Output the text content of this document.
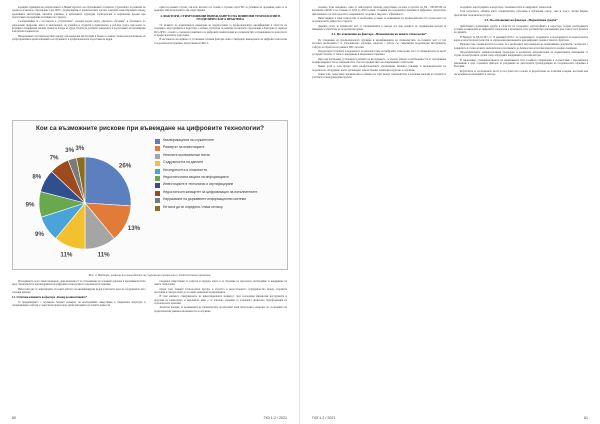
водещите принципи на разработването е Министерството на образованието и науката. Стратегията за развитие на средното и висшето образование след 2020 г., формулирани от компетентните органи, очертават съществуващите между държавните институции, висшите училища и публичните структури хоризонтални и вертикални връзки при подготовката на кадровия потенциал на страната.

Съобразявайки се с посоченото в „Стратегията“, основен акцент върху „Дуалното обучение“, в обучението по определени професии, както и включването на ученици и студенти в практическа и работна среда, при които се формират специфични умения, нужни за пазара на труда. Ролята на учебните заведения е в подготовката на мотивирани и мобилни специалисти.

Насърчаването на партньорството между образователни институции и бизнеса е важна стъпка към реализиране на добри практики в дигитализацията на обучението и професионалната подготовка на кадри.

едни посочените случаи, тъй като неговото по голямо е отразено при ГИС за добиване на държавни, както и за възможно най-пълноценното им съществуване.

4. ФАКТОРИ, СТИМУЛИРАЩИ ВЪВЕЖДАНЕТО НА ЦИФРОВИ ТЕХНОЛОГИИ В ГЕОДЕЗИЧЕСКАТА ПРАКТИКА

От момента на нормативното въвеждане на предпоставки за професионалната квалификация в областта на геодезията, картографията и кадастъра, е налице Стратегия за развитие на висшето образование в България за периода 2021-2030 г., в която е заложено развитието на цифровите компетенции на специалистите и повишаване на качеството на професионалната подготовка.

В настоящото изследване са установени основни фактори, които стимулират въвеждането на цифрови технологии в геодезическата практика, представени на Фиг. 4.

Кои са възможните рискове при въвеждане на цифровите технологии?
26%
13%
11%
11%
9%
9%
8%
7%
3% 3%
Квалификацията на служителите
Размерът на инвестициите
Неясните икономически ползи
Съдружността на данните
Несигурността и сложността
Недостатъчната защита на информацията
Инвестициите в технологии и сертифициране
Недостатъчен капацитет за цифровизация на изпълнителите
Нарушаване на държавните информационни системи
Не мога да се определя / няма отговор
Фиг. 4. Фактори, влияещи на въвеждането на съвременни технологии в геодезическата практика

Изследването, което беше проведено, дава възможност за установяване на основните рискове и предизвикателства пред специалистите при внедряване на цифровите технологии в геодезическата практика.

Най-голям дял от анкетираните посочват липсата на квалифицирани кадри и високата цена на оборудването като основни рискове.

4.1. Отчитане влиянието на фактора „Размер на инвестициите“

За предприятията с ограничен бюджет размерът на необходимите инвестиции в съвременна апаратура и специализиран софтуер е съществена пречка пред дигитализацията на техните дейности.

генерират инвестиции за софтуер и хардуер, както и за обучение на персонала, необходими за внедряване на новите технологии.

Освен това, бавният технологичен прогрес в областта и недостатъчното сътрудничество между отделните участници в сектора водят до по-бавно навлизане на иновациите.

В този контекст, стимулирането на инвестиционната активност чрез подходящи финансови инструменти и програми на национално и европейско ниво е от ключово значение за успешната дигитална трансформация на геодезическата практика.

Анализът показва, че мотивацията на специалистите да използват нови технологии е свързана със съчетанието на професионални умения и възможности за обучение.

60	ГКЗ 1-2 / 2021

отнемно. Това направено, един от най-добрите образци, представено по-рано в пробата на ЕК - РЕСИТОР, на континента REOL и на станция от 2013 до 2020 години. Ставайки на геодезичната практика и цифровите технологии, приложението на тези средства в съвременната геодезия е свързано с ефективност.

Инвестициите в нови технологии са необходимо условие за повишаване на производителността и качеството на геодезическите дейности в страната.

Данните сочат, че значителна част от предприятията в сектора все още разчитат на традиционни методи за измерване и обработка на геодезически данни.

4.2. По отношение на фактора „Непознаване на новите технологии“

По отношение на професионалното обучение и квалификацията на специалистите, по-голямата част от тях посочват необходимост от допълнително обучение, свързано с работа със съвременни геодезически инструменти, софтуер за обработка на данни и ГИС системи.

Поради недостатъчната осведоменост за възможностите на цифровите технологии, част от специалистите не могат да оценят ползите от тяхното внедряване в ежедневната практика.

При това положение, установено в рамките на изследването, се налагат изводи за необходимостта от подобряване на информираността на специалистите относно предимствата на съвременните технологии.

Важна роля в този процес имат професионалните организации, висшите училища и производителите на геодезическо оборудване, които организират демонстрации, семинари и курсове за обучение.

Освен това, съществено значение има и обменът на опит между специалистите в различни региони на страната и участието в международни проекти.

геодезията, картографията и кадастъра с възможностите на цифровите технологии.

Тази потребност обхваща както специалистите, работещи в публичния сектор, така и тези в частни фирми, предлагащи геодезически услуги.

4.3. По отношение на фактора „Нормативна уредба“

Действащата нормативна уредба в областта на геодезията, картографията и кадастъра създава необходимите условия за въвеждане на цифровите технологии в практиката, като регламентира изискванията към точността и формата на данните.

В Наредба № РД-02-20-5 от 15 декември 2016 г. за съдържанието, създаването и поддържането на кадастралната карта и кадастралните регистри са определени изискванията към цифровите данни и тяхната обработка.

Въпреки това, специалистите посочват, че е необходимо актуализиране на нормативните документи, съобразено с развитието на технологиите, включително използването на безпилотни летателни апарати и лазерно сканиране.

Продължителните административни процедури и различната интерпретация на нормативните изисквания от страна на контролните органи също затрудняват внедряването на нови методи.

В заключение, усъвършенстването на нормативната база и нейното привеждане в съответствие с европейските изисквания е сред основните фактори за ускоряване на дигиталната трансформация на геодезическата практика в България.

Резултатите от изследването могат да послужат като основа за разработване на политики и мерки, насочени към насърчаване на иновациите в сектора.

ГКЗ 1-2 / 2021	61
